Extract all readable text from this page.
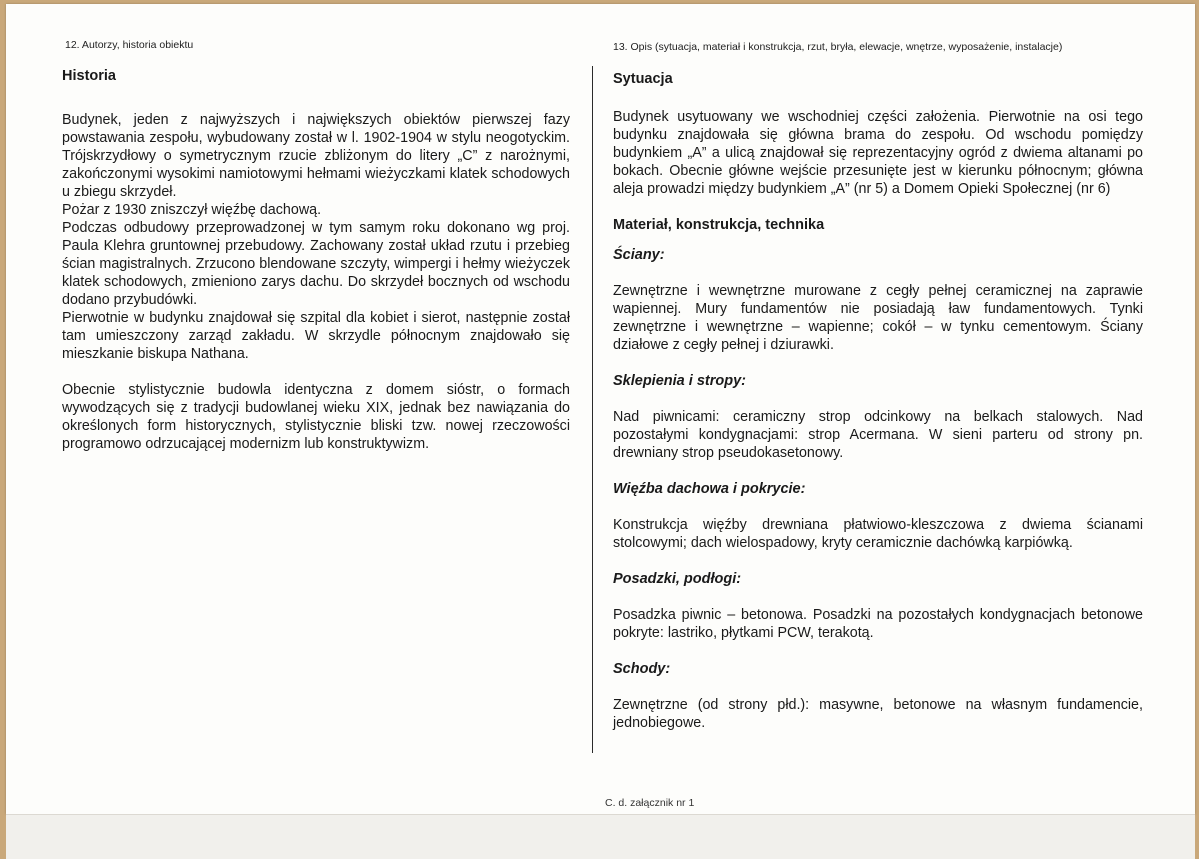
12. Autorzy, historia obiektu
Historia

Budynek, jeden z najwyższych i największych obiektów pierwszej fazy powstawania zespołu, wybudowany został w l. 1902-1904 w stylu neogotyckim. Trójskrzydłowy o symetrycznym rzucie zbliżonym do litery „C” z narożnymi, zakończonymi wysokimi namiotowymi hełmami wieżyczkami klatek schodowych u zbiegu skrzydeł.

Pożar z 1930 zniszczył więźbę dachową.

Podczas odbudowy przeprowadzonej w tym samym roku dokonano wg proj. Paula Klehra gruntownej przebudowy. Zachowany został układ rzutu i przebieg ścian magistralnych. Zrzucono blendowane szczyty, wimpergi i hełmy wieżyczek klatek schodowych, zmieniono zarys dachu. Do skrzydeł bocznych od wschodu dodano przybudówki.

Pierwotnie w budynku znajdował się szpital dla kobiet i sierot, następnie został tam umieszczony zarząd zakładu. W skrzydle północnym znajdowało się mieszkanie biskupa Nathana.

Obecnie stylistycznie budowla identyczna z domem sióstr, o formach wywodzących się z tradycji budowlanej wieku XIX, jednak bez nawiązania do określonych form historycznych, stylistycznie bliski tzw. nowej rzeczowości programowo odrzucającej modernizm lub konstruktywizm.

13. Opis (sytuacja, materiał i konstrukcja, rzut, bryła, elewacje, wnętrze, wyposażenie, instalacje)
Sytuacja

Budynek usytuowany we wschodniej części założenia. Pierwotnie na osi tego budynku znajdowała się główna brama do zespołu. Od wschodu pomiędzy budynkiem „A” a ulicą znajdował się reprezentacyjny ogród z dwiema altanami po bokach. Obecnie główne wejście przesunięte jest w kierunku północnym; główna aleja prowadzi między budynkiem „A” (nr 5) a Domem Opieki Społecznej (nr 6)

Materiał, konstrukcja, technika
Ściany:

Zewnętrzne i wewnętrzne murowane z cegły pełnej ceramicznej na zaprawie wapiennej. Mury fundamentów nie posiadają ław fundamentowych. Tynki zewnętrzne i wewnętrzne – wapienne; cokół – w tynku cementowym. Ściany działowe z cegły pełnej i dziurawki.

Sklepienia i stropy:

Nad piwnicami: ceramiczny strop odcinkowy na belkach stalowych. Nad pozostałymi kondygnacjami: strop Acermana. W sieni parteru od strony pn. drewniany strop pseudokasetonowy.

Więźba dachowa i pokrycie:

Konstrukcja więźby drewniana płatwiowo-kleszczowa z dwiema ścianami stolcowymi; dach wielospadowy, kryty ceramicznie dachówką karpiówką.

Posadzki, podłogi:

Posadzka piwnic – betonowa. Posadzki na pozostałych kondygnacjach betonowe pokryte: lastriko, płytkami PCW, terakotą.

Schody:

Zewnętrzne (od strony płd.): masywne, betonowe na własnym fundamencie, jednobiegowe.

C. d. załącznik nr 1
